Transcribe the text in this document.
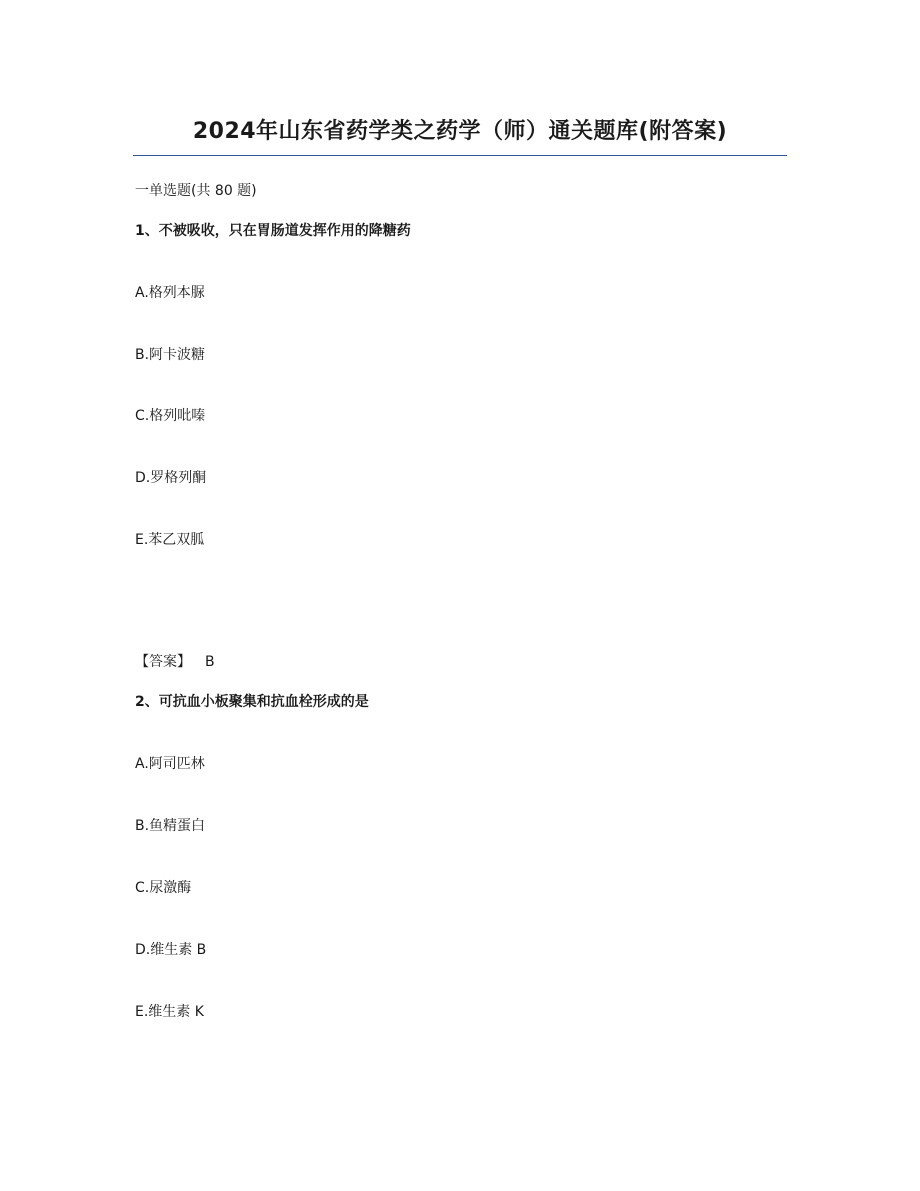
2024年山东省药学类之药学（师）通关题库(附答案)
一单选题(共 80 题)
1、不被吸收，只在胃肠道发挥作用的降糖药
A.格列本脲
B.阿卡波糖
C.格列吡嗪
D.罗格列酮
E.苯乙双胍
【答案】 B
2、可抗血小板聚集和抗血栓形成的是
A.阿司匹林
B.鱼精蛋白
C.尿激酶
D.维生素 B
E.维生素 K
